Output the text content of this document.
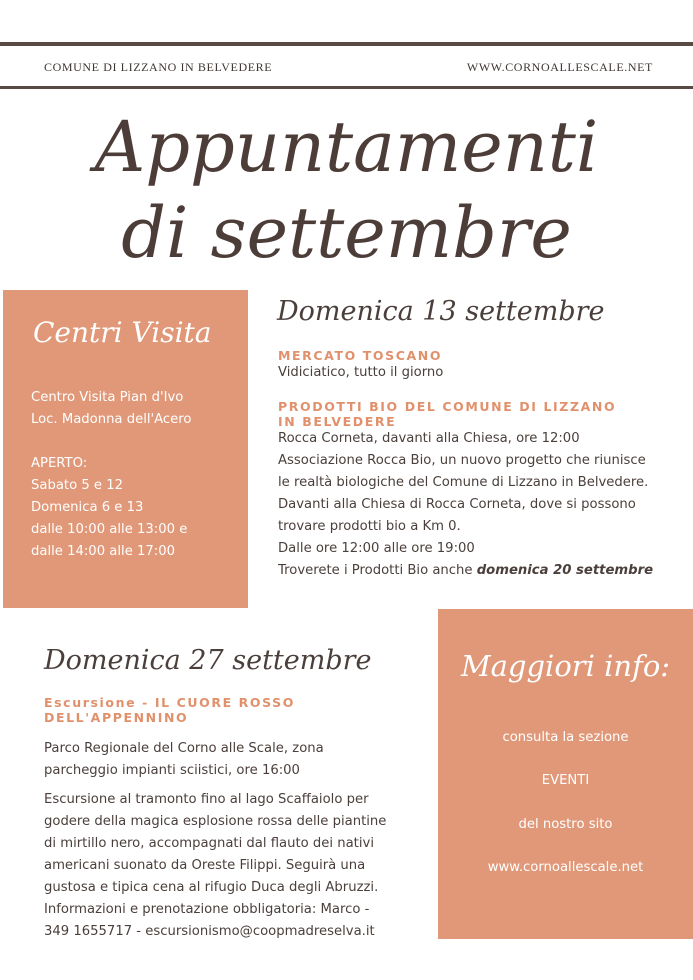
COMUNE DI LIZZANO IN BELVEDERE	WWW.CORNOALLESCALE.NET
Appuntamenti
di settembre
Centri Visita
Centro Visita Pian d'Ivo
Loc. Madonna dell'Acero
APERTO:
Sabato 5 e 12
Domenica 6 e 13
dalle 10:00 alle 13:00 e
dalle 14:00 alle 17:00
Domenica 13 settembre
MERCATO TOSCANO
Vidiciatico, tutto il giorno
PRODOTTI BIO DEL COMUNE DI LIZZANO
IN BELVEDERE
Rocca Corneta, davanti alla Chiesa, ore 12:00
Associazione Rocca Bio, un nuovo progetto che riunisce
le realtà biologiche del Comune di Lizzano in Belvedere.
Davanti alla Chiesa di Rocca Corneta, dove si possono
trovare prodotti bio a Km 0.
Dalle ore 12:00 alle ore 19:00
Troverete i Prodotti Bio anche domenica 20 settembre
Domenica 27 settembre
Escursione - IL CUORE ROSSO
DELL'APPENNINO
Parco Regionale del Corno alle Scale, zona
parcheggio impianti sciistici, ore 16:00
Escursione al tramonto fino al lago Scaffaiolo per
godere della magica esplosione rossa delle piantine
di mirtillo nero, accompagnati dal flauto dei nativi
americani suonato da Oreste Filippi. Seguirà una
gustosa e tipica cena al rifugio Duca degli Abruzzi.
Informazioni e prenotazione obbligatoria: Marco -
349 1655717 - escursionismo@coopmadreselva.it
Maggiori info:
consulta la sezione
EVENTI
del nostro sito
www.cornoallescale.net
